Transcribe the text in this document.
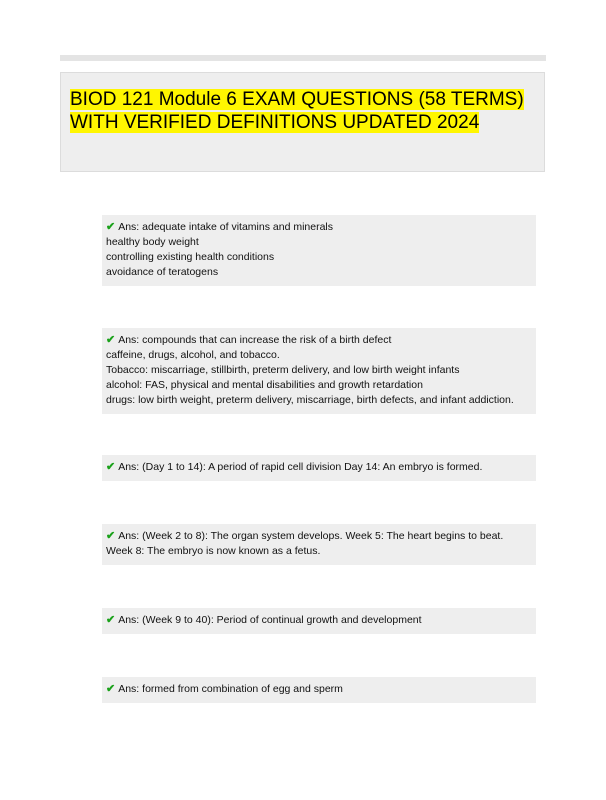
BIOD 121 Module 6 EXAM QUESTIONS (58 TERMS) WITH VERIFIED DEFINITIONS UPDATED 2024
✔ Ans: adequate intake of vitamins and minerals
healthy body weight
controlling existing health conditions
avoidance of teratogens
✔ Ans: compounds that can increase the risk of a birth defect
caffeine, drugs, alcohol, and tobacco.
Tobacco: miscarriage, stillbirth, preterm delivery, and low birth weight infants
alcohol: FAS, physical and mental disabilities and growth retardation
drugs: low birth weight, preterm delivery, miscarriage, birth defects, and infant addiction.
✔ Ans: (Day 1 to 14): A period of rapid cell division Day 14: An embryo is formed.
✔ Ans: (Week 2 to 8): The organ system develops. Week 5: The heart begins to beat.
Week 8: The embryo is now known as a fetus.
✔ Ans: (Week 9 to 40): Period of continual growth and development
✔ Ans: formed from combination of egg and sperm
ExamStation.com	Page 1 of 13
